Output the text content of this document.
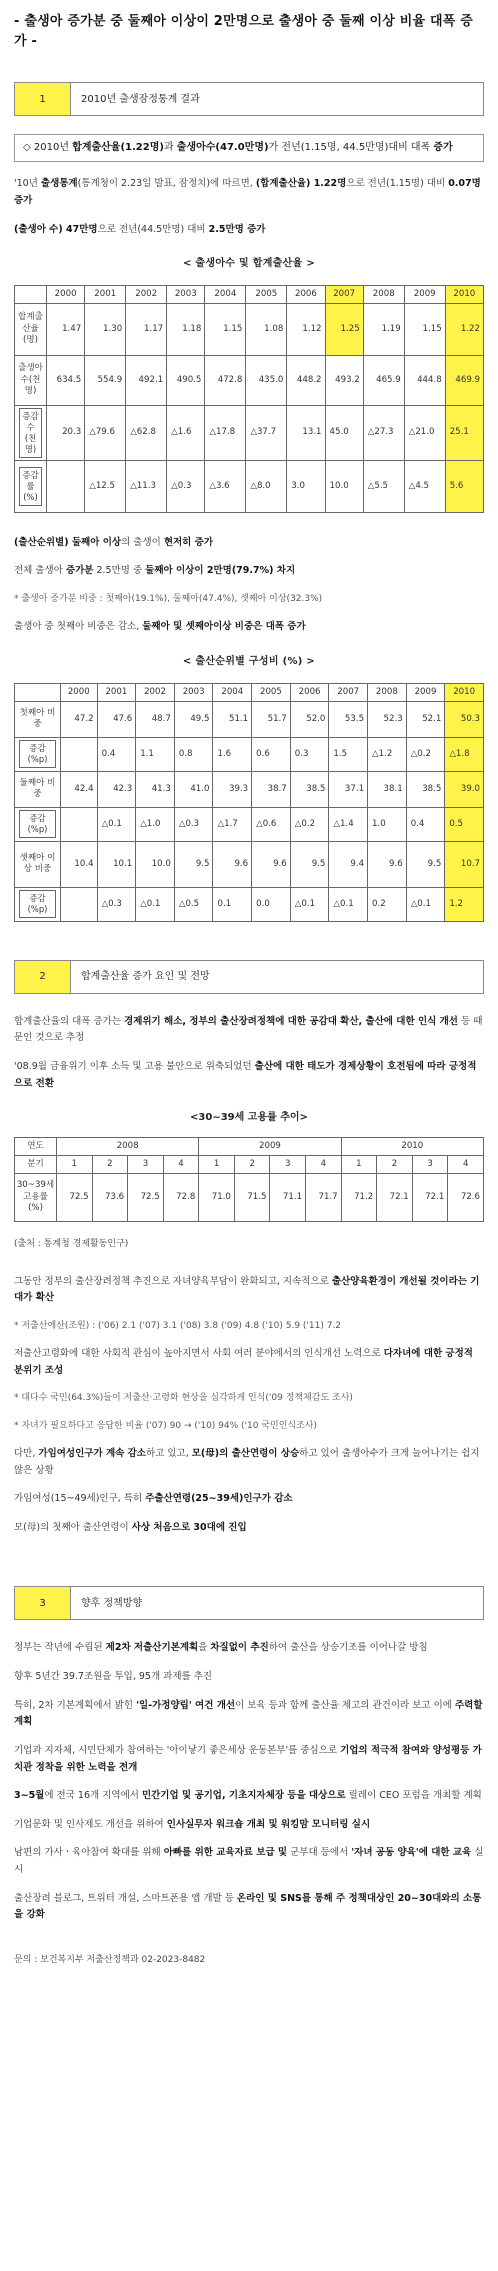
- 출생아 증가분 중 둘째아 이상이 2만명으로 출생아 중 둘째 이상 비율 대폭 증가 -
1	2010년 출생잠정통계 결과
◇ 2010년 합계출산율(1.22명)과 출생아수(47.0만명)가 전년(1.15명, 44.5만명)대비 대폭 증가

'10년 출생통계(통계청이 2.23일 발표, 잠정치)에 따르면, (합계출산율) 1.22명으로 전년(1.15명) 대비 0.07명 증가

(출생아 수) 47만명으로 전년(44.5만명) 대비 2.5만명 증가

< 출생아수 및 합계출산율 >
	2000	2001	2002	2003	2004	2005	2006	2007	2008	2009	2010
합계출산율(명)	1.47	1.30	1.17	1.18	1.15	1.08	1.12	1.25	1.19	1.15	1.22
출생아수(천명)	634.5	554.9	492.1	490.5	472.8	435.0	448.2	493.2	465.9	444.8	469.9

증감수(천명)	20.3	△79.6	△62.8	△1.6	△17.8	△37.7	13.1	45.0	△27.3	△21.0	25.1

증감률(%)		△12.5	△11.3	△0.3	△3.6	△8.0	3.0	10.0	△5.5	△4.5	5.6

(출산순위별) 둘째아 이상의 출생이 현저히 증가

전체 출생아 증가분 2.5만명 중 둘째아 이상이 2만명(79.7%) 차지

* 출생아 증가분 비중 : 첫째아(19.1%), 둘째아(47.4%), 셋째아 이상(32.3%)

출생아 중 첫째아 비중은 감소, 둘째아 및 셋째아이상 비중은 대폭 증가

< 출산순위별 구성비 (%) >
	2000	2001	2002	2003	2004	2005	2006	2007	2008	2009	2010
첫째아 비중	47.2	47.6	48.7	49.5	51.1	51.7	52.0	53.5	52.3	52.1	50.3

증감(%p)		0.4	1.1	0.8	1.6	0.6	0.3	1.5	△1.2	△0.2	△1.8
둘째아 비중	42.4	42.3	41.3	41.0	39.3	38.7	38.5	37.1	38.1	38.5	39.0

증감(%p)		△0.1	△1.0	△0.3	△1.7	△0.6	△0.2	△1.4	1.0	0.4	0.5
셋째아 이상 비중	10.4	10.1	10.0	9.5	9.6	9.6	9.5	9.4	9.6	9.5	10.7

증감(%p)		△0.3	△0.1	△0.5	0.1	0.0	△0.1	△0.1	0.2	△0.1	1.2
2	합계출산율 증가 요인 및 전망

합계출산율의 대폭 증가는 경제위기 해소, 정부의 출산장려정책에 대한 공감대 확산, 출산에 대한 인식 개선 등 때문인 것으로 추정

'08.9월 금융위기 이후 소득 및 고용 불안으로 위축되었던 출산에 대한 태도가 경제상황이 호전됨에 따라 긍정적으로 전환

<30~39세 고용률 추이>
연도	2008				2009				2010			
분기	1	2	3	4	1	2	3	4	1	2	3	4
30~39세 고용률(%)	72.5	73.6	72.5	72.8	71.0	71.5	71.1	71.7	71.2	72.1	72.1	72.6

(출처 : 통계청 경제활동인구)

그동안 정부의 출산장려정책 추진으로 자녀양육부담이 완화되고, 지속적으로 출산양육환경이 개선될 것이라는 기대가 확산

* 저출산예산(조원) : ('06) 2.1 ('07) 3.1 ('08) 3.8 ('09) 4.8 ('10) 5.9 ('11) 7.2

저출산고령화에 대한 사회적 관심이 높아지면서 사회 여러 분야에서의 인식개선 노력으로 다자녀에 대한 긍정적 분위기 조성

* 대다수 국민(64.3%)들이 저출산·고령화 현상을 심각하게 인식('09 정책체감도 조사)

* 자녀가 필요하다고 응답한 비율 ('07) 90 → ('10) 94% ('10 국민인식조사)

다만, 가임여성인구가 계속 감소하고 있고, 모(母)의 출산연령이 상승하고 있어 출생아수가 크게 늘어나기는 쉽지 않은 상황

가임여성(15~49세)인구, 특히 주출산연령(25~39세)인구가 감소

모(母)의 첫째아 출산연령이 사상 처음으로 30대에 진입

3	향후 정책방향

정부는 작년에 수립된 제2차 저출산기본계획을 차질없이 추진하여 출산을 상승기조를 이어나갈 방침

향후 5년간 39.7조원을 투입, 95개 과제를 추진

특히, 2차 기본계획에서 밝힌 '일-가정양립' 여건 개선이 보육 등과 함께 출산율 제고의 관건이라 보고 이에 주력할 계획

기업과 지자체, 시민단체가 참여하는 '아이낳기 좋은세상 운동본부'를 중심으로 기업의 적극적 참여와 양성평등 가치관 정착을 위한 노력을 전개

3~5월에 전국 16개 지역에서 민간기업 및 공기업, 기초지자체장 등을 대상으로 릴레이 CEO 포럼을 개최할 계획

기업문화 및 인사제도 개선을 위하여 인사실무자 워크숍 개최 및 워킹맘 모니터링 실시

남편의 가사ㆍ육아참여 확대를 위해 아빠를 위한 교육자료 보급 및 군부대 등에서 '자녀 공동 양육'에 대한 교육 실시

출산장려 블로그, 트위터 개설, 스마트폰용 앱 개발 등 온라인 및 SNS를 통해 주 정책대상인 20~30대와의 소통을 강화

문의 : 보건복지부 저출산정책과 02-2023-8482
